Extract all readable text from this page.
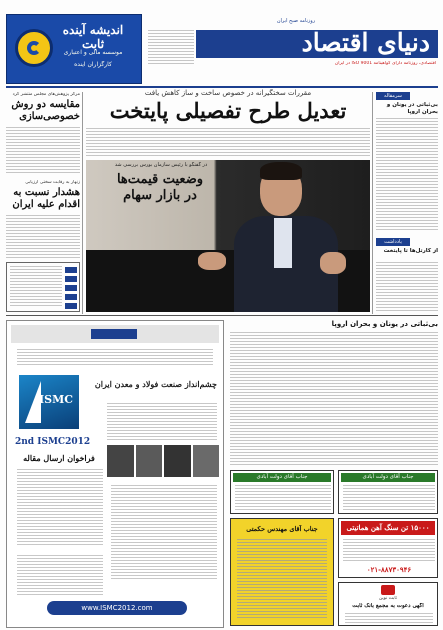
اندیشه آینده ثابت
موسسه مالی و اعتباری
کارگزاران آینده
دنیای اقتصاد
روزنامه صبح ایران
اقتصادی، روزنامه دارای گواهینامه ISO 9001 در ایران
مرکز پژوهش‌های مجلس منتشر کرد
مقایسه دو روش
خصوصی‌سازی
زنهار به رقابت سختی ارزیابی
هشدار نسبت به
اقدام علیه ایران
مقررات سختگیرانه در خصوص ساخت و ساز کاهش یافت
تعدیل طرح تفصیلی پایتخت
در گفتگو با رئیس سازمان بورس بررسی شد
وضعیت قیمت‌ها
در بازار سهام
سرمقاله
بی‌ثباتی در یونان و بحران اروپا
یادداشت
از کارتل‌ها تا پایتخت
ISMC
چشم‌انداز صنعت فولاد و معدن ایران
2nd ISMC2012
فراخوان ارسال مقاله
www.ISMC2012.com
بی‌ثباتی در یونان و بحران اروپا
جناب آقای دولت آبادی	جناب آقای دولت آبادی
جناب آقای مهندس حکمتی	۱۵۰۰۰ تن سنگ آهن هماتیتی
۰۲۱-۸۸۷۳۰۹۴۶
ثابت نوین
آگهی دعوت به مجمع بانک ثابت
